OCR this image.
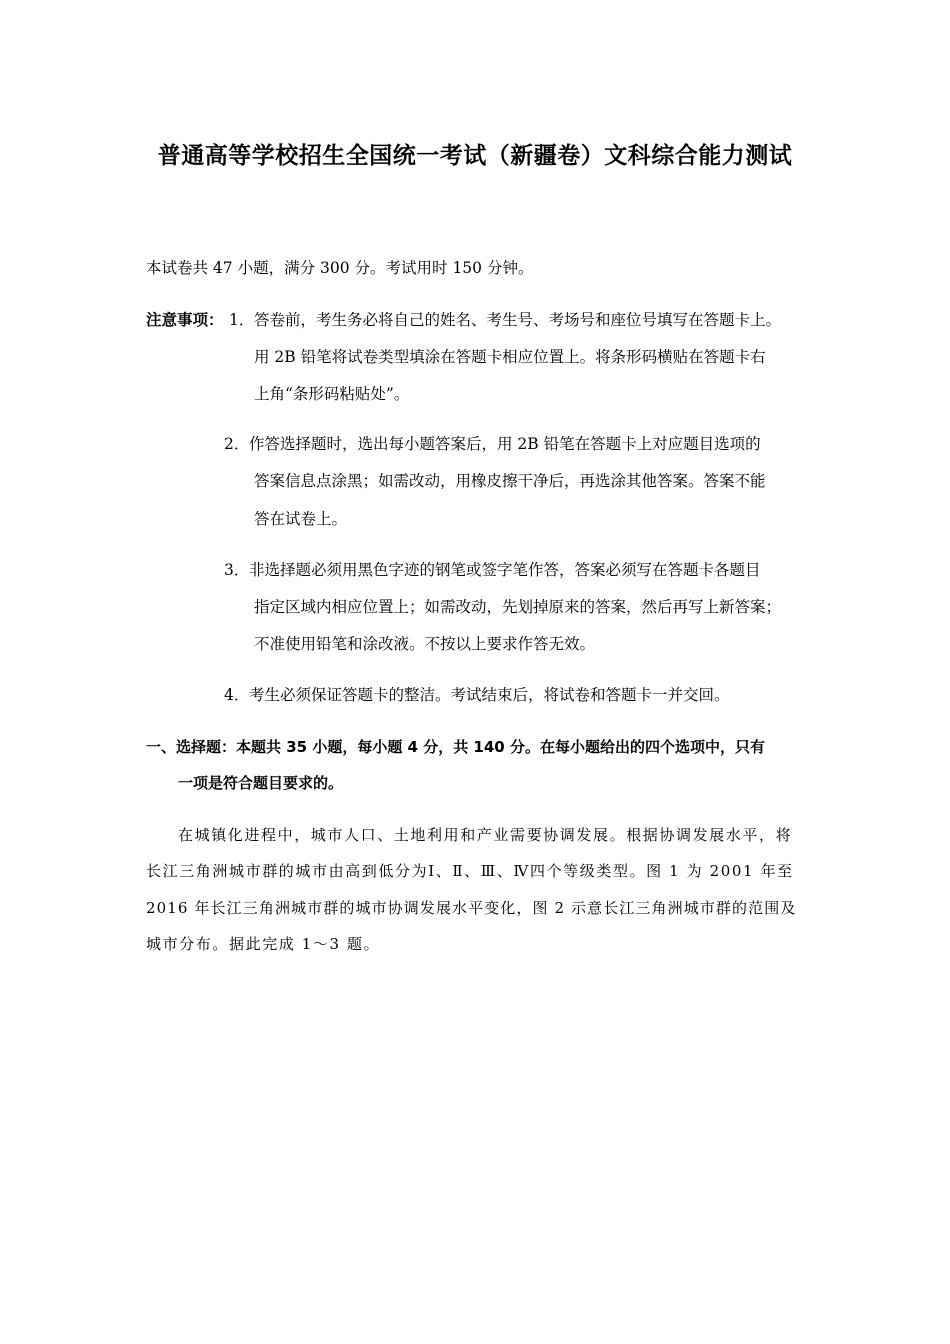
普通高等学校招生全国统一考试（新疆卷）文科综合能力测试
本试卷共 47 小题，满分 300 分。考试用时 150 分钟。
注意事项： 1． 答卷前，考生务必将自己的姓名、考生号、考场号和座位号填写在答题卡上。
用 2B 铅笔将试卷类型填涂在答题卡相应位置上。将条形码横贴在答题卡右
上角“条形码粘贴处”。
2． 作答选择题时，选出每小题答案后，用 2B 铅笔在答题卡上对应题目选项的
答案信息点涂黑；如需改动，用橡皮擦干净后，再选涂其他答案。答案不能
答在试卷上。
3． 非选择题必须用黑色字迹的钢笔或签字笔作答，答案必须写在答题卡各题目
指定区域内相应位置上；如需改动，先划掉原来的答案，然后再写上新答案；
不准使用铅笔和涂改液。不按以上要求作答无效。
4． 考生必须保证答题卡的整洁。考试结束后，将试卷和答题卡一并交回。
一、选择题：本题共 35 小题，每小题 4 分，共 140 分。在每小题给出的四个选项中，只有
一项是符合题目要求的。
在城镇化进程中，城市人口、土地利用和产业需要协调发展。根据协调发展水平，将
长江三角洲城市群的城市由高到低分为Ⅰ、Ⅱ、Ⅲ、Ⅳ四个等级类型。图 1 为 2001 年至
2016 年长江三角洲城市群的城市协调发展水平变化，图 2 示意长江三角洲城市群的范围及
城市分布。据此完成 1～3 题。
